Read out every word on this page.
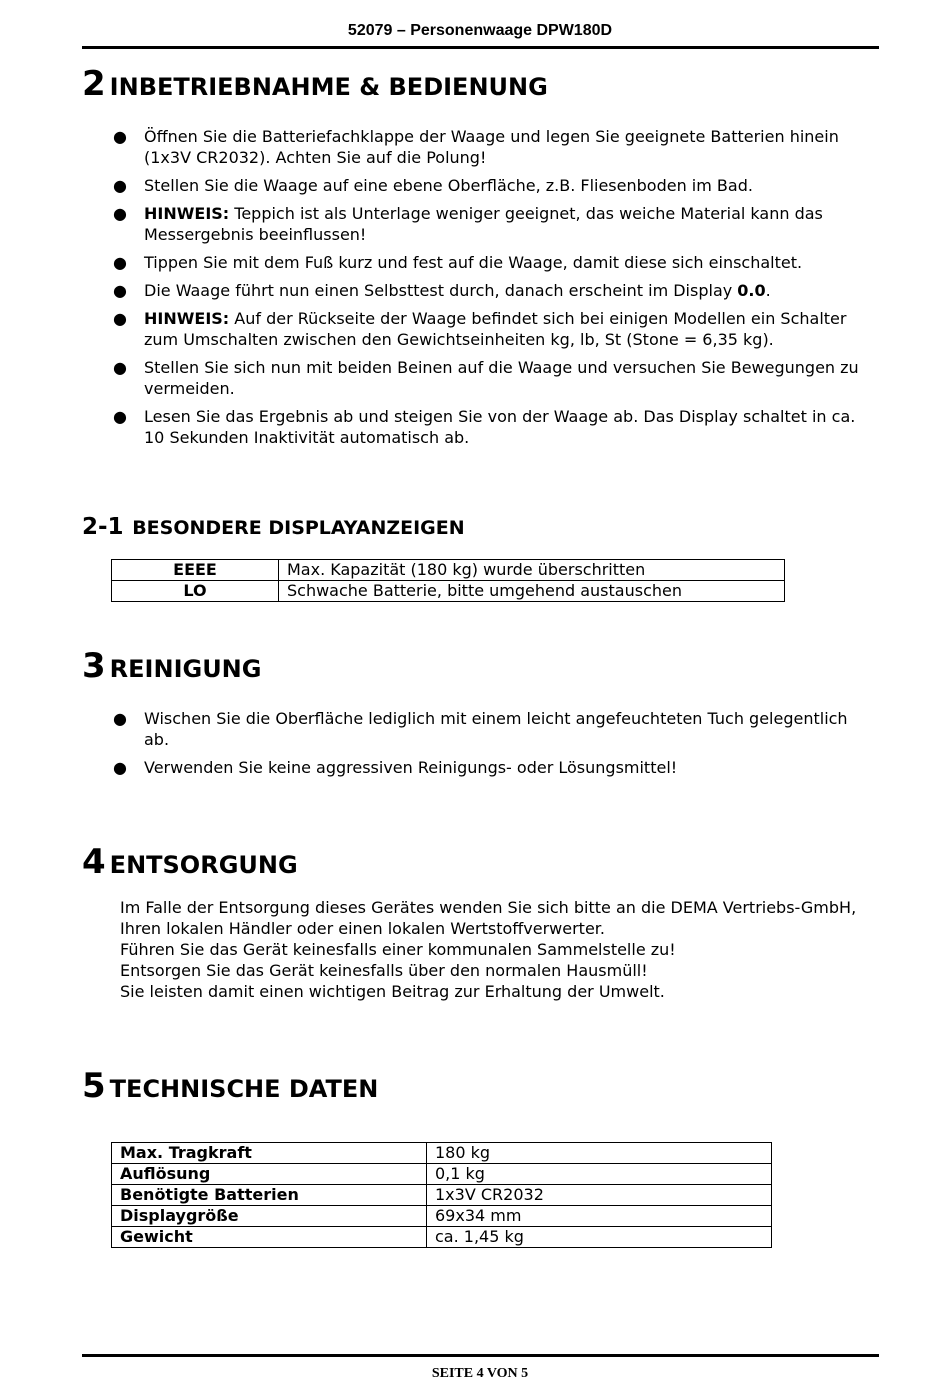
52079 – Personenwaage DPW180D
2 INBETRIEBNAHME & BEDIENUNG
● Öffnen Sie die Batteriefachklappe der Waage und legen Sie geeignete Batterien hinein (1x3V CR2032). Achten Sie auf die Polung!
● Stellen Sie die Waage auf eine ebene Oberfläche, z.B. Fliesenboden im Bad.
● HINWEIS: Teppich ist als Unterlage weniger geeignet, das weiche Material kann das Messergebnis beeinflussen!
● Tippen Sie mit dem Fuß kurz und fest auf die Waage, damit diese sich einschaltet.
● Die Waage führt nun einen Selbsttest durch, danach erscheint im Display 0.0.
● HINWEIS: Auf der Rückseite der Waage befindet sich bei einigen Modellen ein Schalter zum Umschalten zwischen den Gewichtseinheiten kg, lb, St (Stone = 6,35 kg).
● Stellen Sie sich nun mit beiden Beinen auf die Waage und versuchen Sie Bewegungen zu vermeiden.
● Lesen Sie das Ergebnis ab und steigen Sie von der Waage ab. Das Display schaltet in ca. 10 Sekunden Inaktivität automatisch ab.
2-1 BESONDERE DISPLAYANZEIGEN
EEEE	Max. Kapazität (180 kg) wurde überschritten
LO	Schwache Batterie, bitte umgehend austauschen
3 REINIGUNG
● Wischen Sie die Oberfläche lediglich mit einem leicht angefeuchteten Tuch gelegentlich ab.
● Verwenden Sie keine aggressiven Reinigungs- oder Lösungsmittel!
4 ENTSORGUNG
Im Falle der Entsorgung dieses Gerätes wenden Sie sich bitte an die DEMA Vertriebs-GmbH, Ihren lokalen Händler oder einen lokalen Wertstoffverwerter.
Führen Sie das Gerät keinesfalls einer kommunalen Sammelstelle zu!
Entsorgen Sie das Gerät keinesfalls über den normalen Hausmüll!
Sie leisten damit einen wichtigen Beitrag zur Erhaltung der Umwelt.
5 TECHNISCHE DATEN
Max. Tragkraft	180 kg
Auflösung	0,1 kg
Benötigte Batterien	1x3V CR2032
Displaygröße	69x34 mm
Gewicht	ca. 1,45 kg
SEITE 4 VON 5
